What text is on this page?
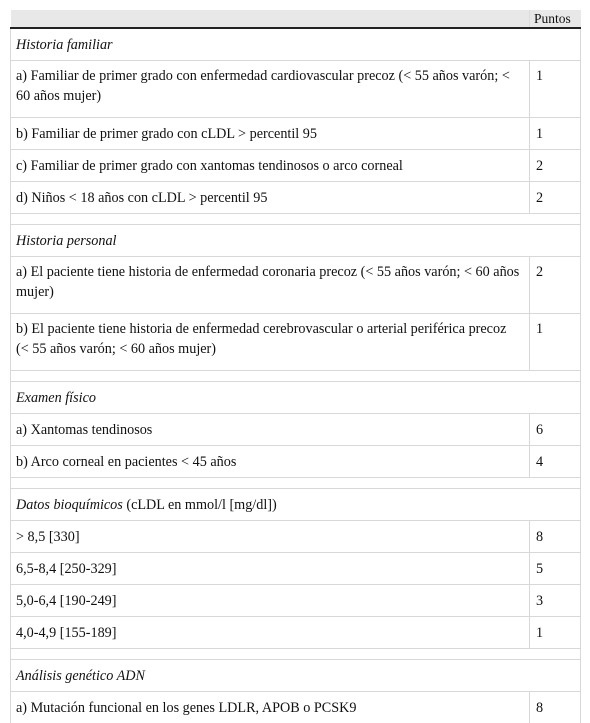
	Puntos
Historia familiar	
a) Familiar de primer grado con enfermedad cardiovascular precoz (< 55 años varón; < 60 años mujer)	1
b) Familiar de primer grado con cLDL > percentil 95	1
c) Familiar de primer grado con xantomas tendinosos o arco corneal	2
d) Niños < 18 años con cLDL > percentil 95	2

Historia personal	
a) El paciente tiene historia de enfermedad coronaria precoz (< 55 años varón; < 60 años mujer)	2
b) El paciente tiene historia de enfermedad cerebrovascular o arterial periférica precoz (< 55 años varón; < 60 años mujer)	1

Examen físico	
a) Xantomas tendinosos	6
b) Arco corneal en pacientes < 45 años	4

Datos bioquímicos (cLDL en mmol/l [mg/dl])	
> 8,5 [330]	8
6,5-8,4 [250-329]	5
5,0-6,4 [190-249]	3
4,0-4,9 [155-189]	1

Análisis genético ADN	
a) Mutación funcional en los genes LDLR, APOB o PCSK9	8
